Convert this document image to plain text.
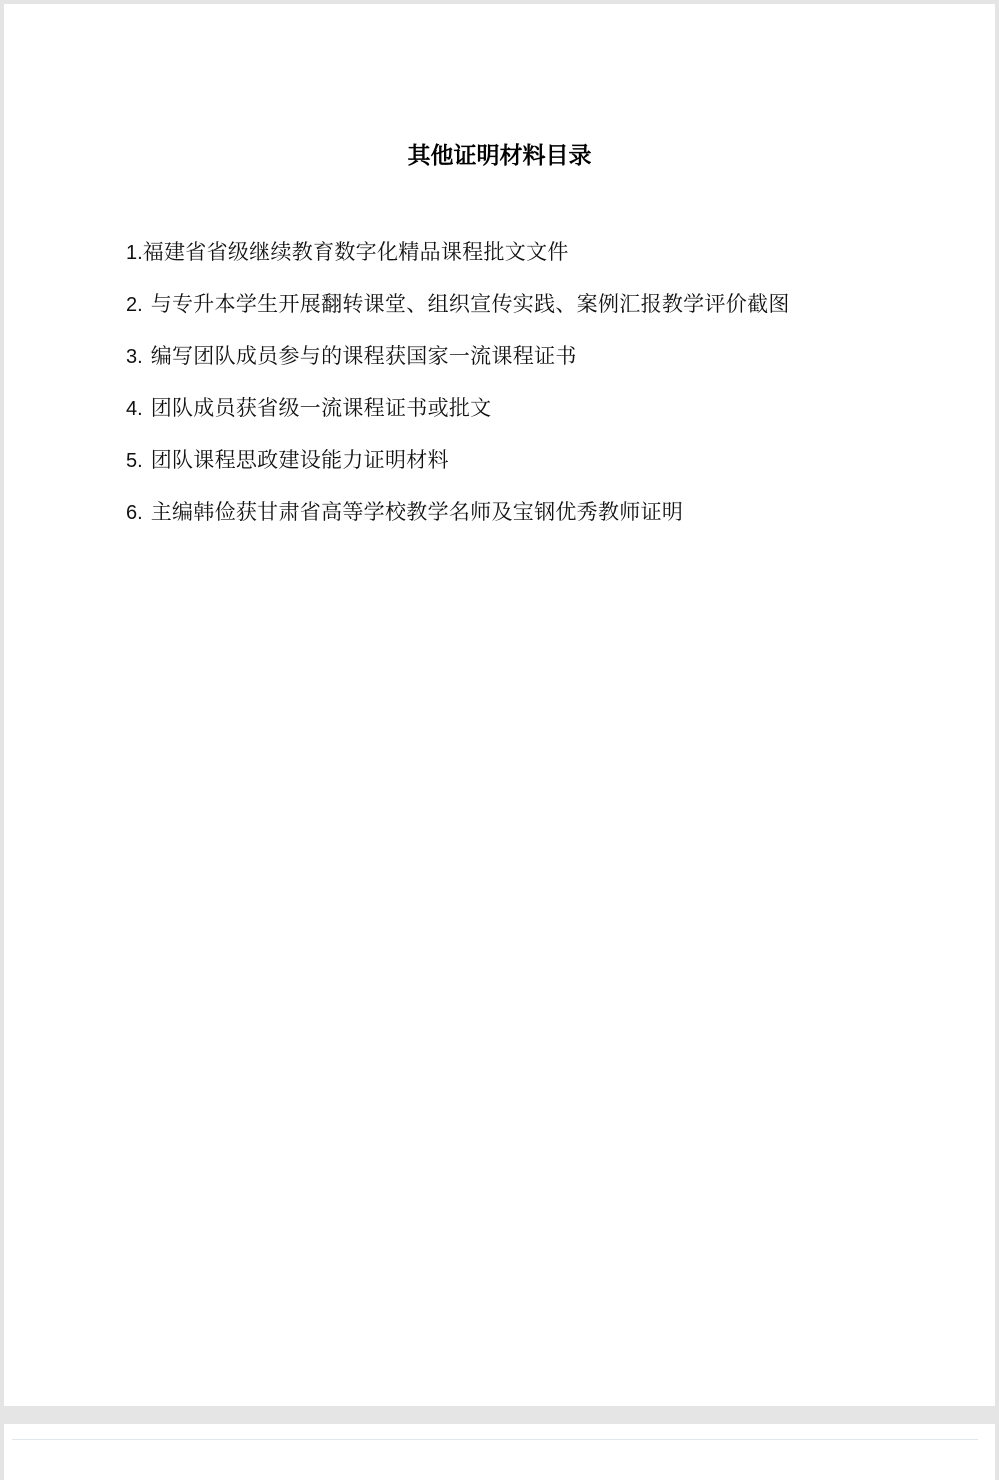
其他证明材料目录
1. 福建省省级继续教育数字化精品课程批文文件
2. 与专升本学生开展翻转课堂、组织宣传实践、案例汇报教学评价截图
3. 编写团队成员参与的课程获国家一流课程证书
4. 团队成员获省级一流课程证书或批文
5. 团队课程思政建设能力证明材料
6. 主编韩俭获甘肃省高等学校教学名师及宝钢优秀教师证明
